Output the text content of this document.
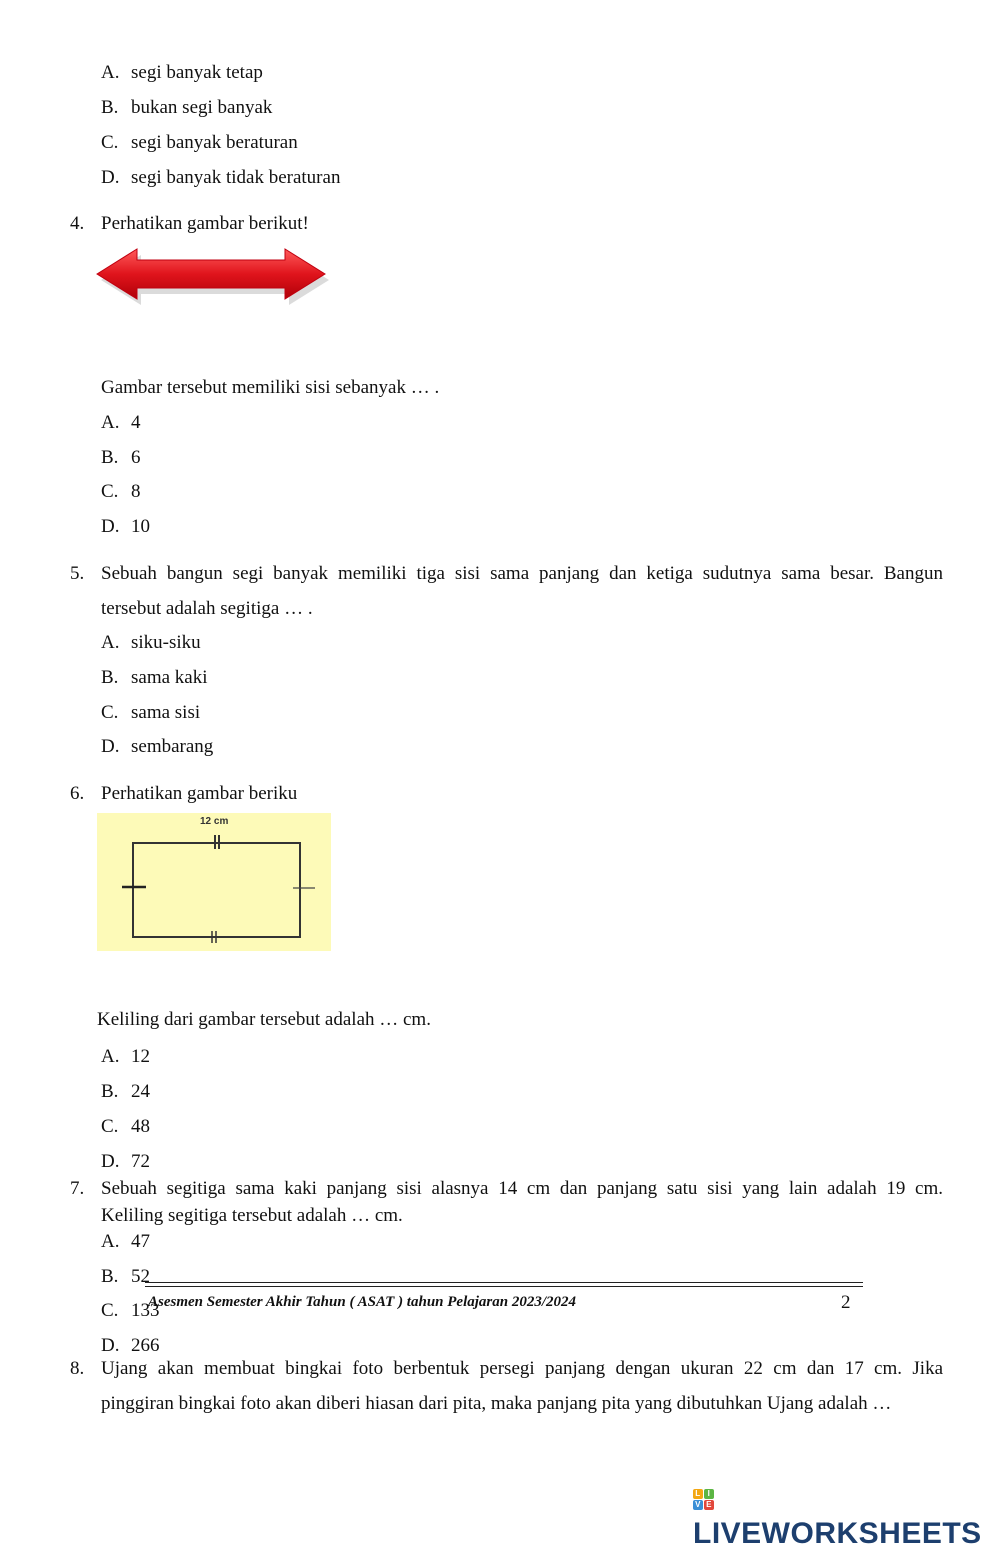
A. segi banyak tetap
B. bukan segi banyak
C. segi banyak beraturan
D. segi banyak tidak beraturan
4. Perhatikan gambar berikut!
Gambar tersebut memiliki sisi sebanyak … .
A. 4
B. 6
C. 8
D. 10
5. Sebuah bangun segi banyak memiliki tiga sisi sama panjang dan ketiga sudutnya sama besar. Bangun
tersebut adalah segitiga … .
A. siku-siku
B. sama kaki
C. sama sisi
D. sembarang
6. Perhatikan gambar beriku
12 cm
Keliling dari gambar tersebut adalah … cm.
A. 12
B. 24
C. 48
D. 72
7. Sebuah segitiga sama kaki panjang sisi alasnya 14 cm dan panjang satu sisi yang lain adalah 19 cm.
Keliling segitiga tersebut adalah … cm.
A. 47
B. 52
C. 133
D. 266
Asesmen Semester Akhir Tahun ( ASAT ) tahun Pelajaran 2023/2024	2
8. Ujang akan membuat bingkai foto berbentuk persegi panjang dengan ukuran 22 cm dan 17 cm. Jika
pinggiran bingkai foto akan diberi hiasan dari pita, maka panjang pita yang dibutuhkan Ujang adalah …
L I
V E
LIVEWORKSHEETS
